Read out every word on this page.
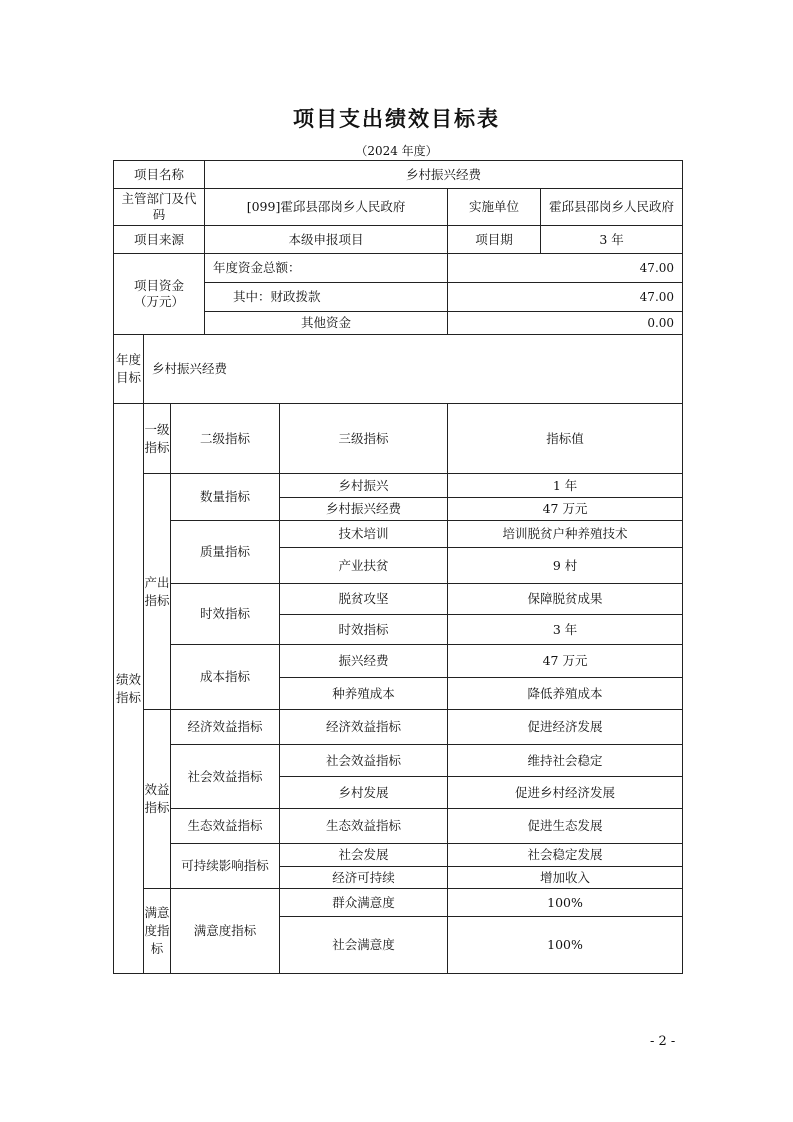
项目支出绩效目标表
（2024 年度）
项目名称			乡村振兴经费		
主管部门及代码			[099]霍邱县邵岗乡人民政府		实施单位 霍邱县邵岗乡人民政府

项目来源			本级申报项目		项目期 3 年

项目资金（万元）			年度资金总额：		47.00
			其中：财政拨款		47.00
			其他资金		0.00
年度目标	乡村振兴经费				
绩效指标	一级指标	二级指标		三级指标	指标值
	产出指标	数量指标		乡村振兴	1 年
				乡村振兴经费	47 万元
		质量指标		技术培训	培训脱贫户种养殖技术
				产业扶贫	9 村
		时效指标		脱贫攻坚	保障脱贫成果
				时效指标	3 年
		成本指标		振兴经费	47 万元
				种养殖成本	降低养殖成本
	效益指标	经济效益指标		经济效益指标	促进经济发展
		社会效益指标		社会效益指标	维持社会稳定
				乡村发展	促进乡村经济发展
		生态效益指标		生态效益指标	促进生态发展
		可持续影响指标		社会发展	社会稳定发展
				经济可持续	增加收入
	满意度指标	满意度指标		群众满意度	100%
				社会满意度	100%
- 2 -
